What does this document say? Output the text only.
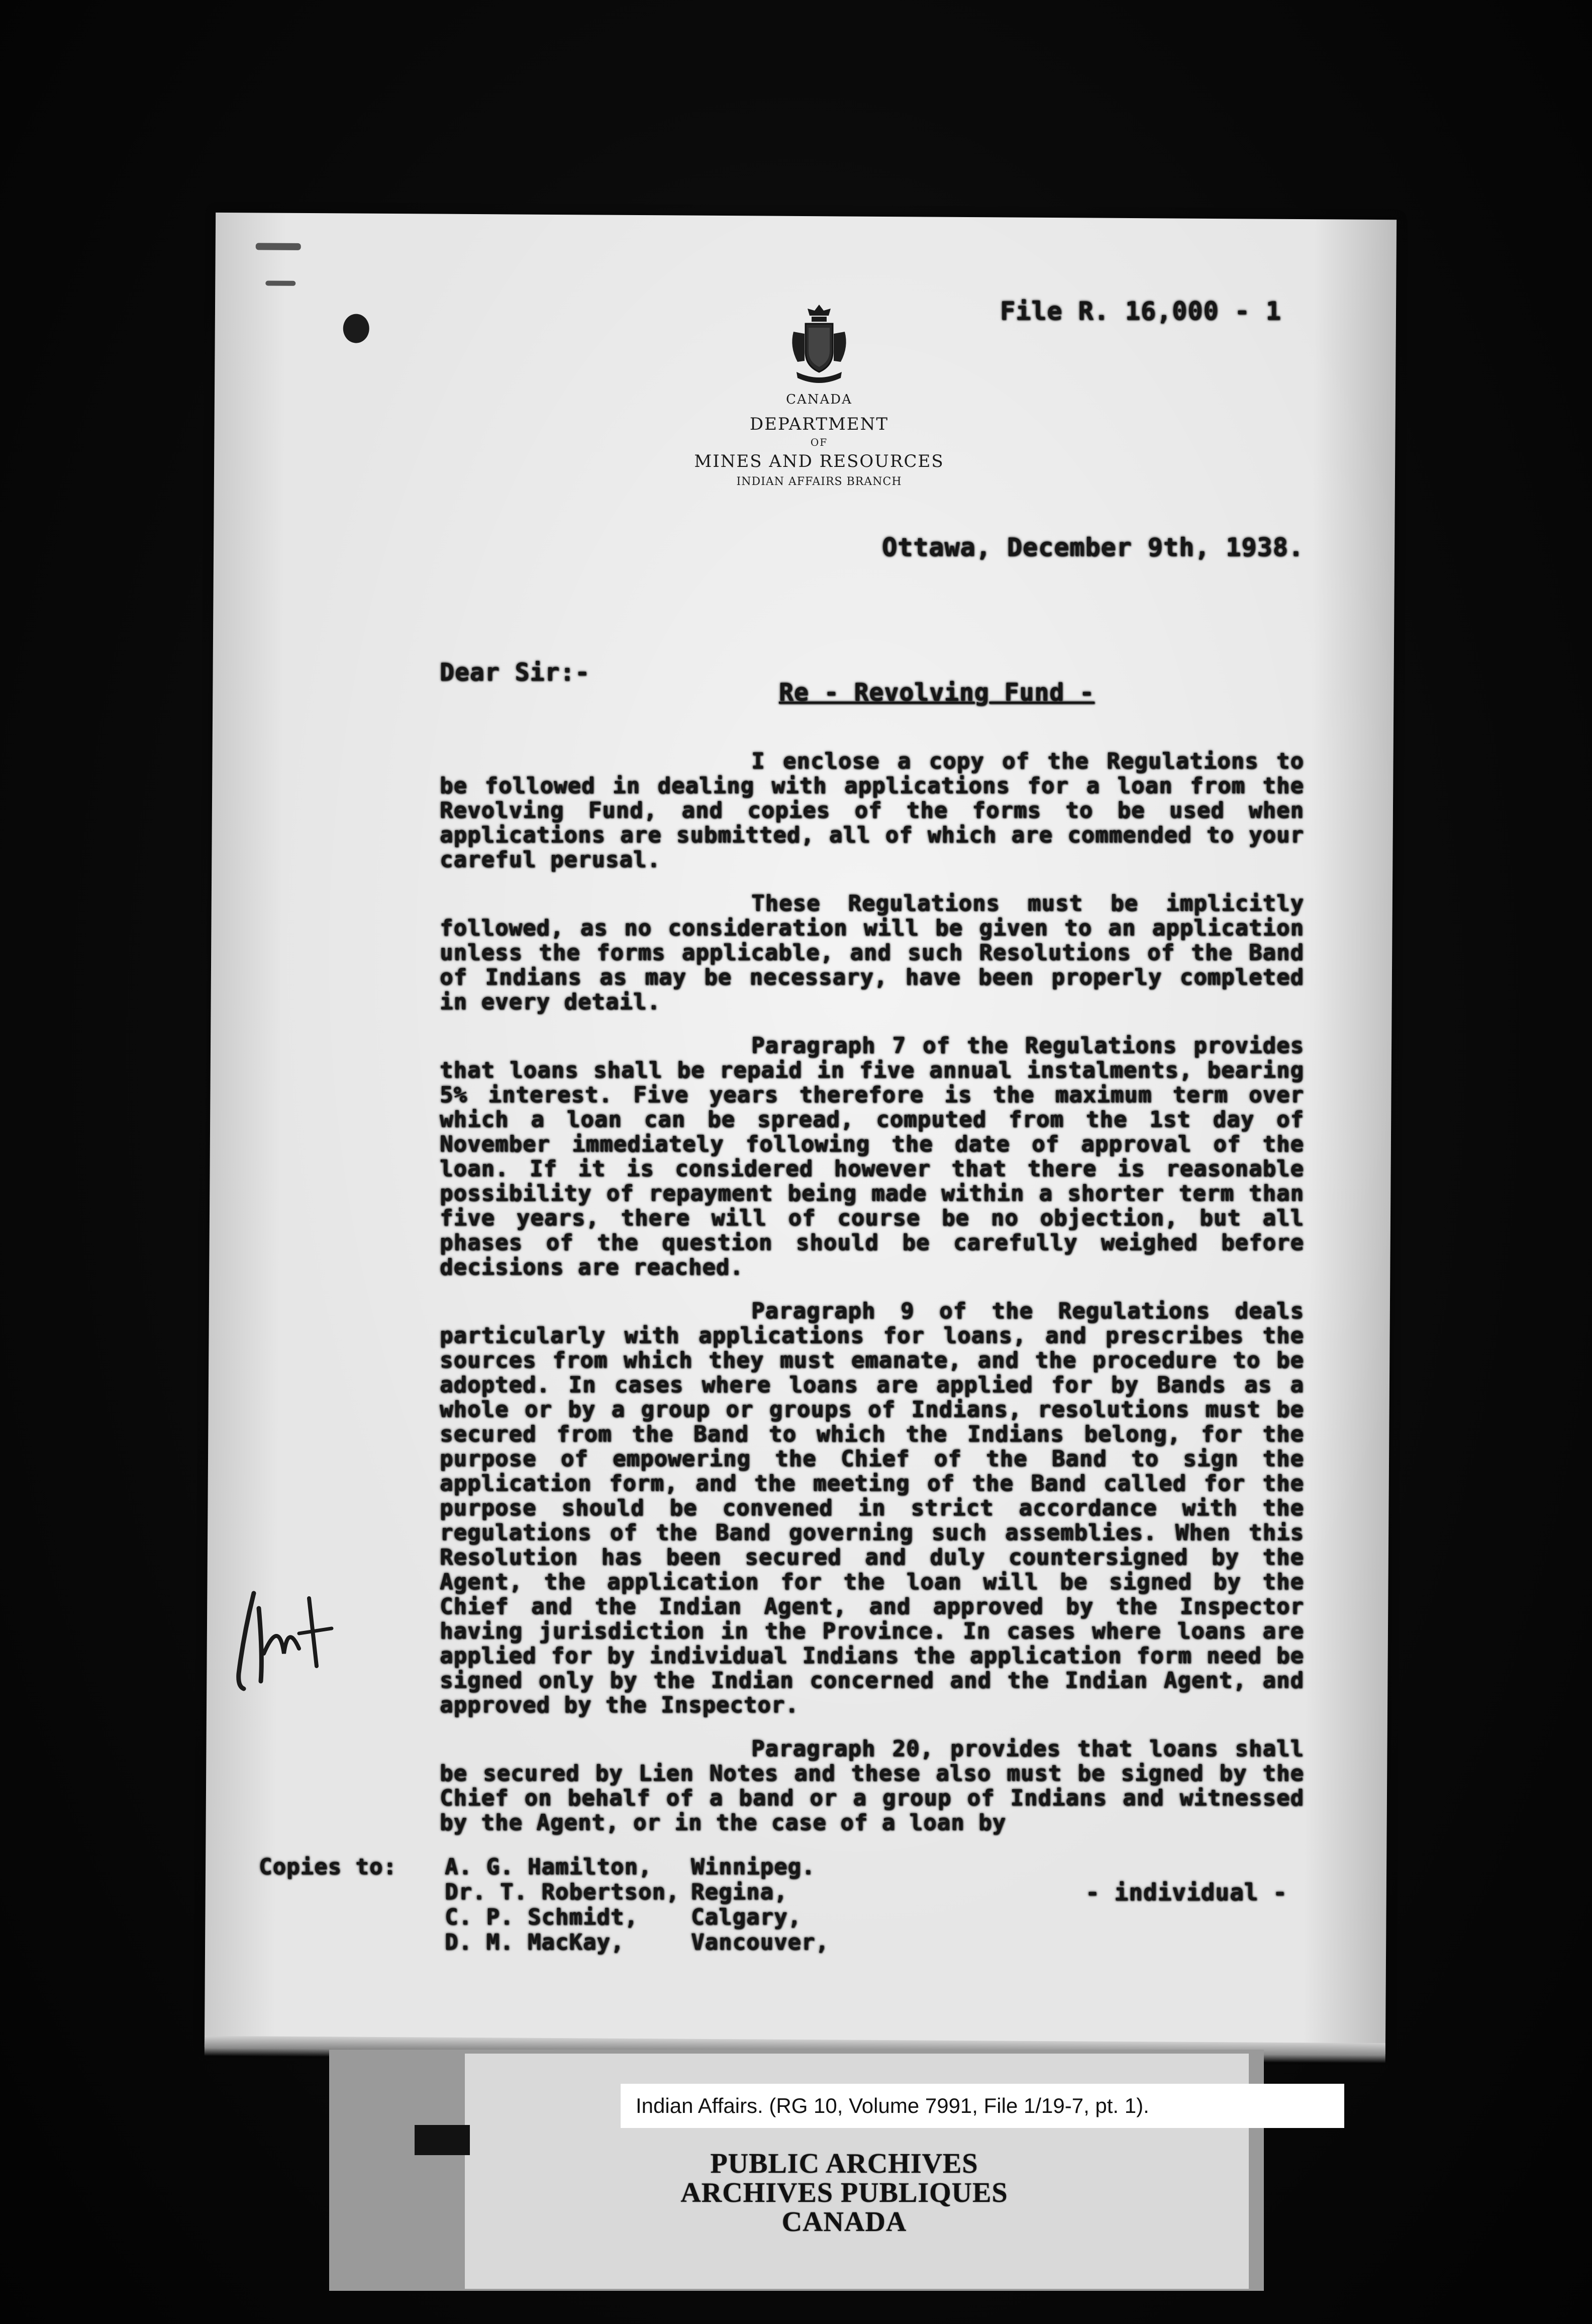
File R. 16,000 - 1
CANADA
DEPARTMENT
OF
MINES AND RESOURCES
INDIAN AFFAIRS BRANCH
Ottawa, December 9th, 1938.
Dear Sir:-
Re - Revolving Fund -

I enclose a copy of the Regulations to be followed in dealing with applications for a loan from the Revolving Fund, and copies of the forms to be used when applications are submitted, all of which are commended to your careful perusal.

These Regulations must be implicitly followed, as no consideration will be given to an application unless the forms applicable, and such Resolutions of the Band of Indians as may be necessary, have been properly completed in every detail.

Paragraph 7 of the Regulations provides that loans shall be repaid in five annual instalments, bearing 5% interest. Five years therefore is the maximum term over which a loan can be spread, computed from the 1st day of November immediately following the date of approval of the loan. If it is considered however that there is reasonable possibility of repayment being made within a shorter term than five years, there will of course be no objection, but all phases of the question should be carefully weighed before decisions are reached.

Paragraph 9 of the Regulations deals particularly with applications for loans, and prescribes the sources from which they must emanate, and the procedure to be adopted. In cases where loans are applied for by Bands as a whole or by a group or groups of Indians, resolutions must be secured from the Band to which the Indians belong, for the purpose of empowering the Chief of the Band to sign the application form, and the meeting of the Band called for the purpose should be convened in strict accordance with the regulations of the Band governing such assemblies. When this Resolution has been secured and duly countersigned by the Agent, the application for the loan will be signed by the Chief and the Indian Agent, and approved by the Inspector having jurisdiction in the Province. In cases where loans are applied for by individual Indians the application form need be signed only by the Indian concerned and the Indian Agent, and approved by the Inspector.

Paragraph 20, provides that loans shall be secured by Lien Notes and these also must be signed by the Chief on behalf of a band or a group of Indians and witnessed by the Agent, or in the case of a loan by

Copies to: A. G. Hamilton, Winnipeg.
Dr. T. Robertson, Regina,
C. P. Schmidt, Calgary,
D. M. MacKay,	Vancouver,
- individual -
Indian Affairs. (RG 10, Volume 7991, File 1/19-7, pt. 1).
PUBLIC ARCHIVES
ARCHIVES PUBLIQUES
CANADA
